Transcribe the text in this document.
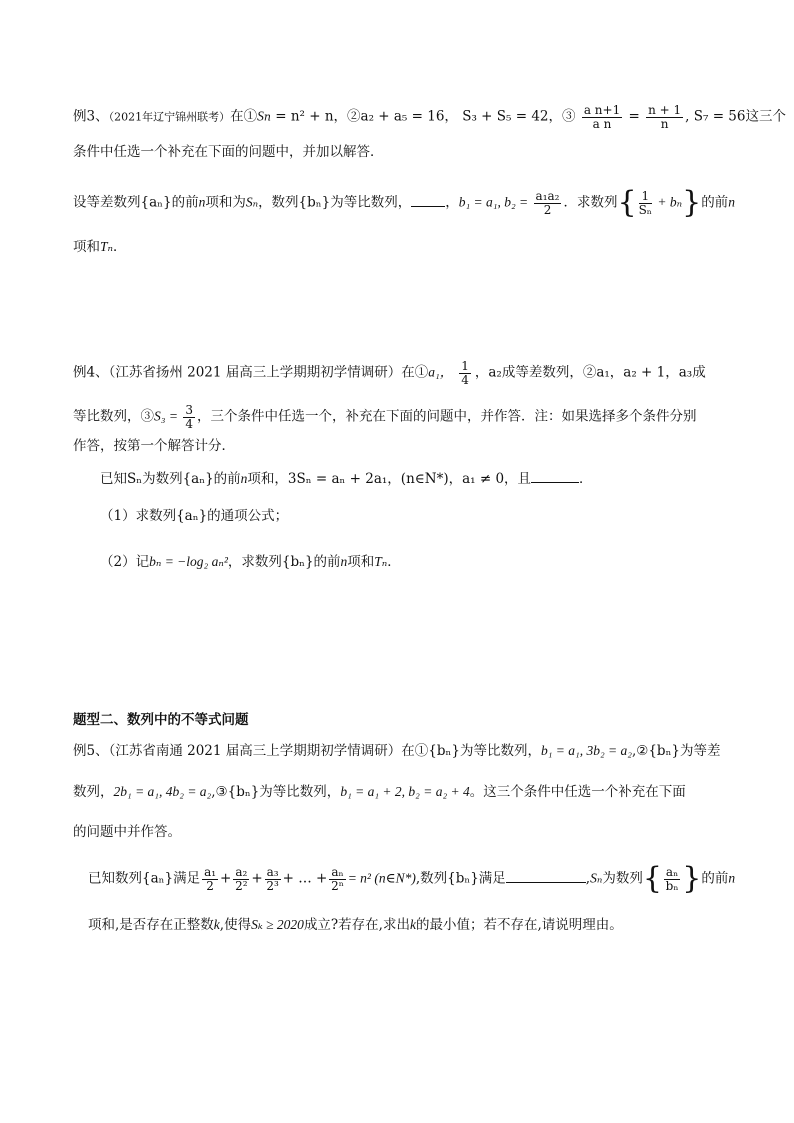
例3、（2021年辽宁锦州联考）在①Sn = n² + n，②a₂ + a₅ = 16， S₃ + S₅ = 42，③ $\frac{\text{a n+1}}{\text{a n}} = \frac{n + 1}{n}$ , S₇ = 56这三个
条件中任选一个补充在下面的问题中，并加以解答．
设等差数列{aₙ}的前n项和为Sₙ，数列{bₙ}为等比数列，	，b₁ = a₁, $b_2 = \frac{\text{a₁a₂}}{2}$ ．求数列{ $\frac{1}{\text{Sₙ}} + b_n$}的前n
项和Tₙ．
例4、（江苏省扬州 2021 届高三上学期期初学情调研）在①a₁， $\frac{1}{4}$ ，a₂成等差数列，②a₁，a₂ + 1，a₃成
等比数列，③S₃ = $\frac{3}{4}$ ，三个条件中任选一个，补充在下面的问题中，并作答．注：如果选择多个条件分别
作答，按第一个解答计分．
已知Sₙ为数列{aₙ}的前n项和，3Sₙ = aₙ + 2a₁，(n∈N*)，a₁ ≠ 0，且	．
（1）求数列{aₙ}的通项公式；
（2）记bₙ = −log₂ aₙ²，求数列{bₙ}的前n项和Tₙ．
题型二、数列中的不等式问题
例5、（江苏省南通 2021 届高三上学期期初学情调研）在①{bₙ}为等比数列，b₁ = a₁, 3b₂ = a₂,②{bₙ}为等差
数列，2b₁ = a₁, 4b₂ = a₂,③{bₙ}为等比数列，b₁ = a₁ + 2, b₂ = a₂ + 4。这三个条件中任选一个补充在下面
的问题中并作答。
已知数列{aₙ}满足 $\frac{\text{a₁}}{2} + \frac{\text{a₂}}{\text{2²}} + \frac{\text{a₃}}{\text{2³}}$ + … + $\frac{\text{aₙ}}{\text{2ⁿ}} = n^2$ (n∈N*),数列{bₙ}满足	,Sₙ为数列{ $\frac{\text{aₙ}}{\text{bₙ}}$ }的前n
项和,是否存在正整数k,使得Sₖ ≥ 2020成立?若存在,求出k的最小值；若不存在,请说明理由。
